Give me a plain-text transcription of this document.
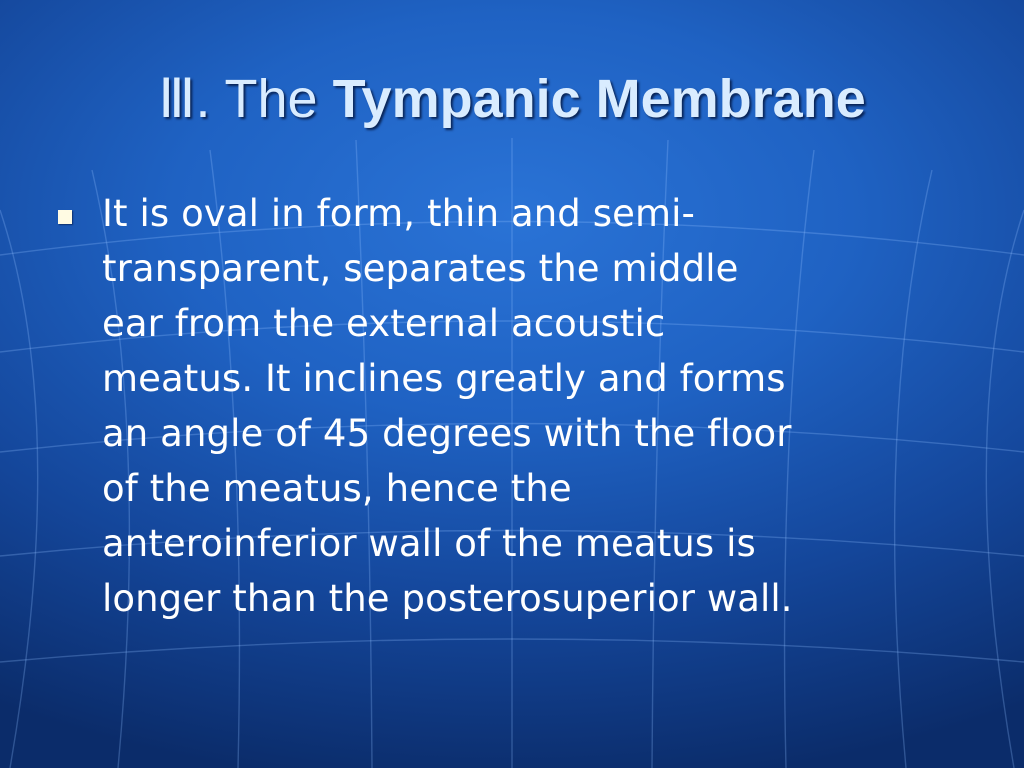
Ⅲ. The Tympanic Membrane
It is oval in form, thin and semi-
transparent, separates the middle
ear from the external acoustic
meatus. It inclines greatly and forms
an angle of 45 degrees with the floor
of the meatus, hence the
anteroinferior wall of the meatus is
longer than the posterosuperior wall.
